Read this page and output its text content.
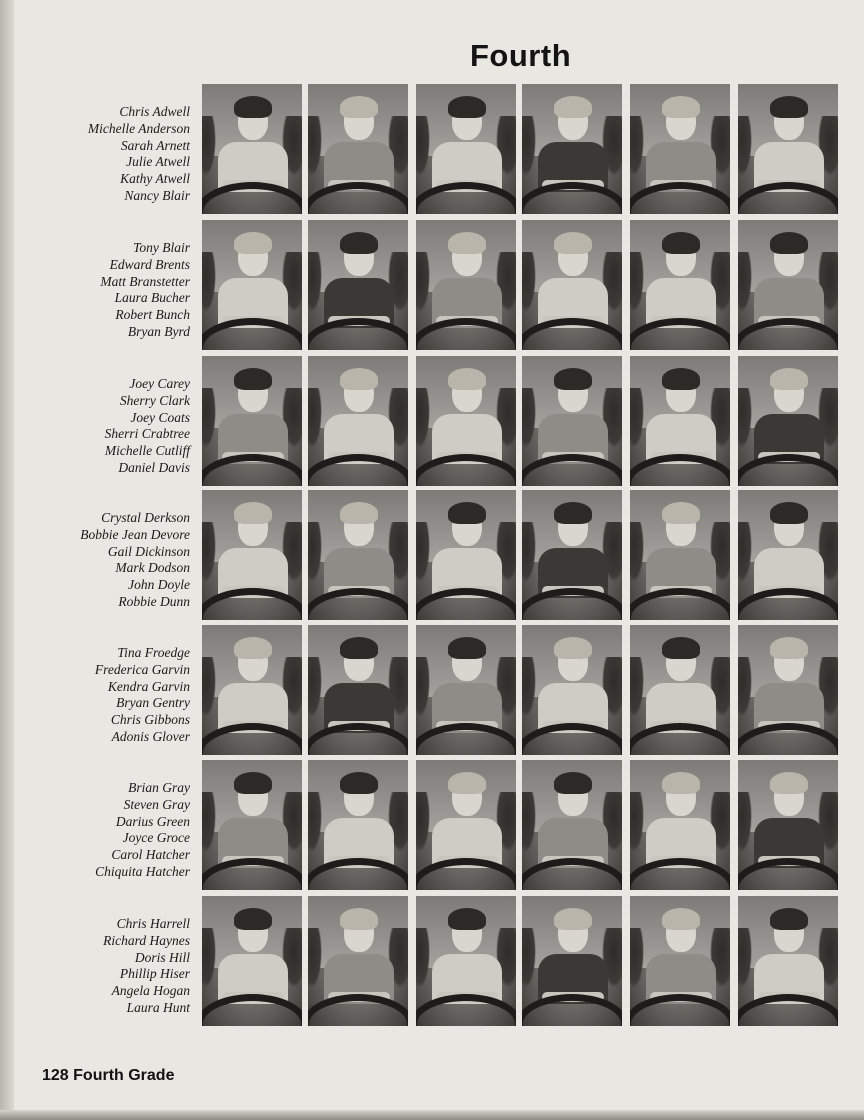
Fourth
Chris Adwell
Michelle Anderson
Sarah Arnett
Julie Atwell
Kathy Atwell
Nancy Blair
Tony Blair
Edward Brents
Matt Branstetter
Laura Bucher
Robert Bunch
Bryan Byrd
Joey Carey
Sherry Clark
Joey Coats
Sherri Crabtree
Michelle Cutliff
Daniel Davis
Crystal Derkson
Bobbie Jean Devore
Gail Dickinson
Mark Dodson
John Doyle
Robbie Dunn
Tina Froedge
Frederica Garvin
Kendra Garvin
Bryan Gentry
Chris Gibbons
Adonis Glover
Brian Gray
Steven Gray
Darius Green
Joyce Groce
Carol Hatcher
Chiquita Hatcher
Chris Harrell
Richard Haynes
Doris Hill
Phillip Hiser
Angela Hogan
Laura Hunt
128 Fourth Grade
